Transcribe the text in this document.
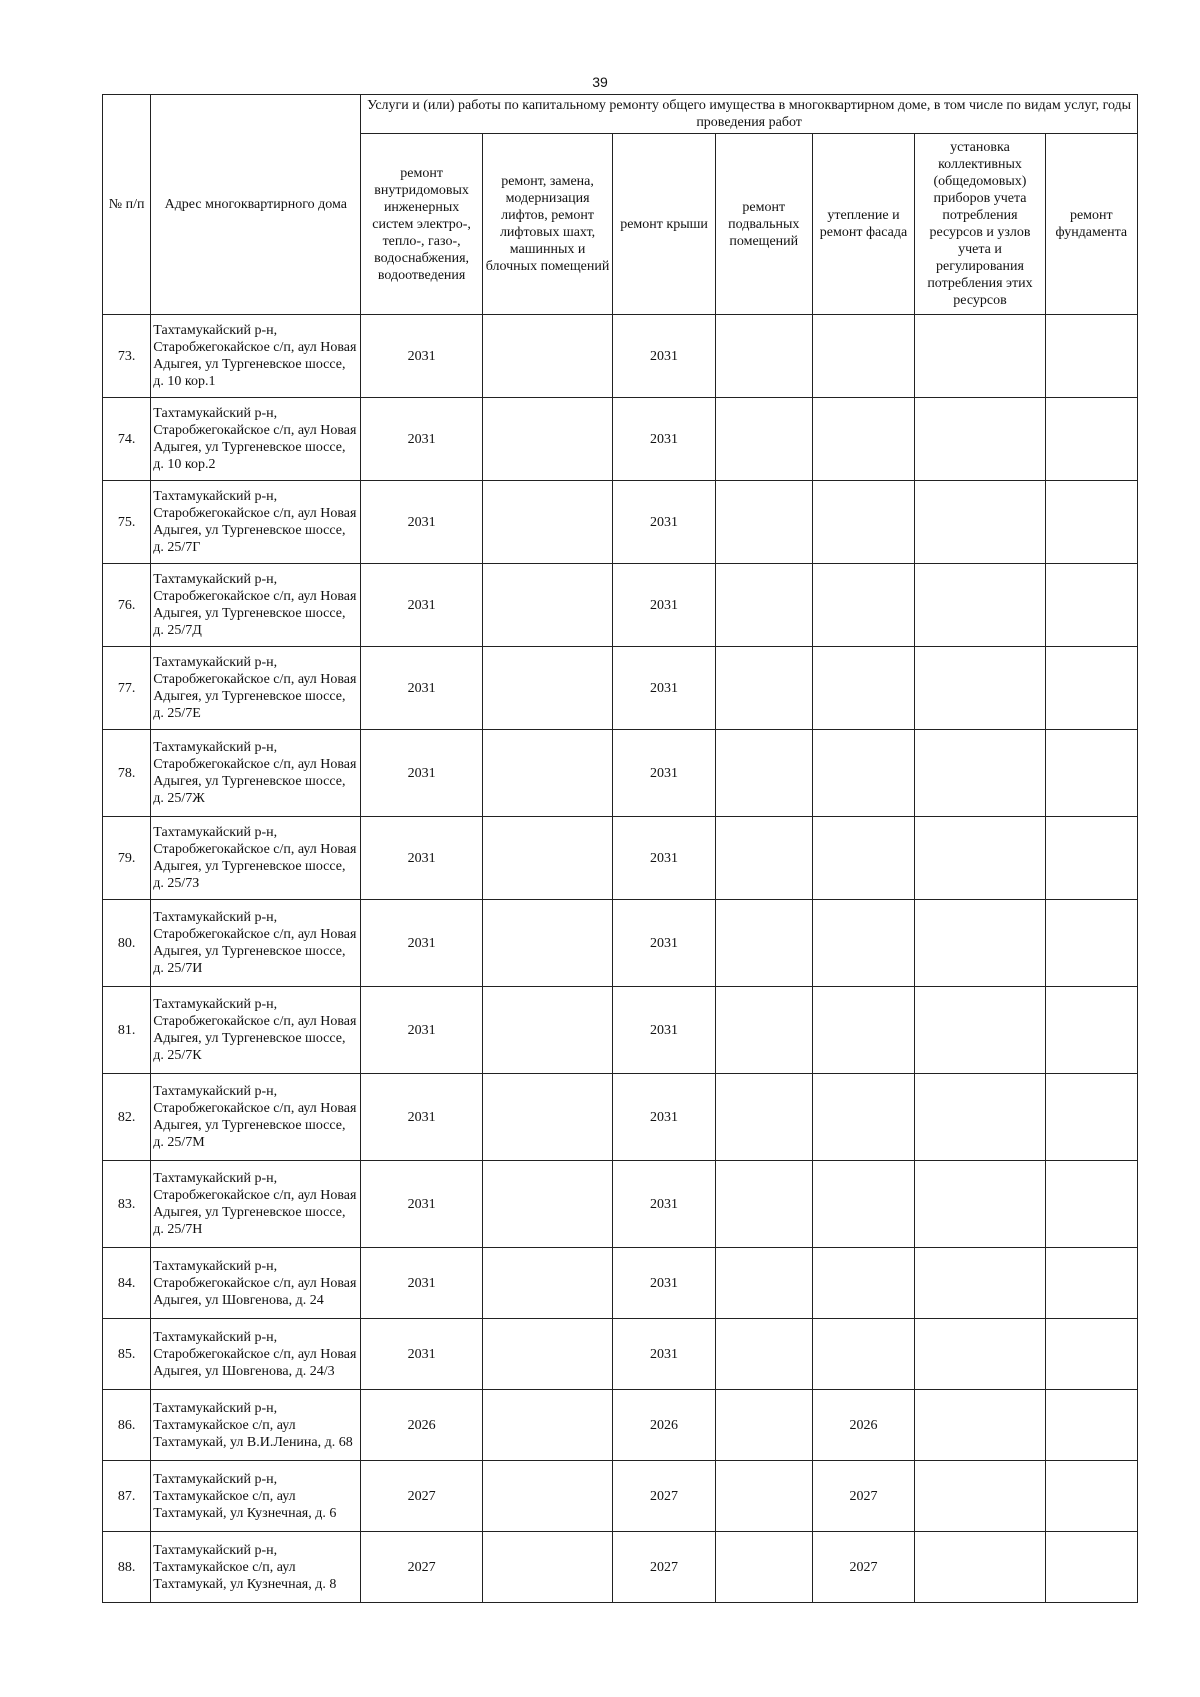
39
№ п/п	Адрес многоквартирного дома	Услуги и (или) работы по капитальному ремонту общего имущества в многоквартирном доме, в том числе по видам услуг, годы проведения работ						
		ремонт внутридомовых инженерных систем электро-, тепло-, газо-, водоснабжения, водоотведения	ремонт, замена, модернизация лифтов, ремонт лифтовых шахт, машинных и блочных помещений	ремонт крыши	ремонт подвальных помещений	утепление и ремонт фасада	установка коллективных (общедомовых) приборов учета потребления ресурсов и узлов учета и регулирования потребления этих ресурсов	ремонт фундамента
73.	Тахтамукайский р-н, Старобжегокайское с/п, аул Новая Адыгея, ул Тургеневское шоссе, д. 10 кор.1	2031		2031				
74.	Тахтамукайский р-н, Старобжегокайское с/п, аул Новая Адыгея, ул Тургеневское шоссе, д. 10 кор.2	2031		2031				
75.	Тахтамукайский р-н, Старобжегокайское с/п, аул Новая Адыгея, ул Тургеневское шоссе, д. 25/7Г	2031		2031				
76.	Тахтамукайский р-н, Старобжегокайское с/п, аул Новая Адыгея, ул Тургеневское шоссе, д. 25/7Д	2031		2031				
77.	Тахтамукайский р-н, Старобжегокайское с/п, аул Новая Адыгея, ул Тургеневское шоссе, д. 25/7Е	2031		2031				
78.	Тахтамукайский р-н, Старобжегокайское с/п, аул Новая Адыгея, ул Тургеневское шоссе, д. 25/7Ж	2031		2031				
79.	Тахтамукайский р-н, Старобжегокайское с/п, аул Новая Адыгея, ул Тургеневское шоссе, д. 25/7З	2031		2031				
80.	Тахтамукайский р-н, Старобжегокайское с/п, аул Новая Адыгея, ул Тургеневское шоссе, д. 25/7И	2031		2031				
81.	Тахтамукайский р-н, Старобжегокайское с/п, аул Новая Адыгея, ул Тургеневское шоссе, д. 25/7К	2031		2031				
82.	Тахтамукайский р-н, Старобжегокайское с/п, аул Новая Адыгея, ул Тургеневское шоссе, д. 25/7М	2031		2031				
83.	Тахтамукайский р-н, Старобжегокайское с/п, аул Новая Адыгея, ул Тургеневское шоссе, д. 25/7Н	2031		2031				
84.	Тахтамукайский р-н, Старобжегокайское с/п, аул Новая Адыгея, ул Шовгенова, д. 24	2031		2031				
85.	Тахтамукайский р-н, Старобжегокайское с/п, аул Новая Адыгея, ул Шовгенова, д. 24/3	2031		2031				
86.	Тахтамукайский р-н, Тахтамукайское с/п, аул Тахтамукай, ул В.И.Ленина, д. 68	2026		2026		2026		
87.	Тахтамукайский р-н, Тахтамукайское с/п, аул Тахтамукай, ул Кузнечная, д. 6	2027		2027		2027		
88.	Тахтамукайский р-н, Тахтамукайское с/п, аул Тахтамукай, ул Кузнечная, д. 8	2027		2027		2027		
